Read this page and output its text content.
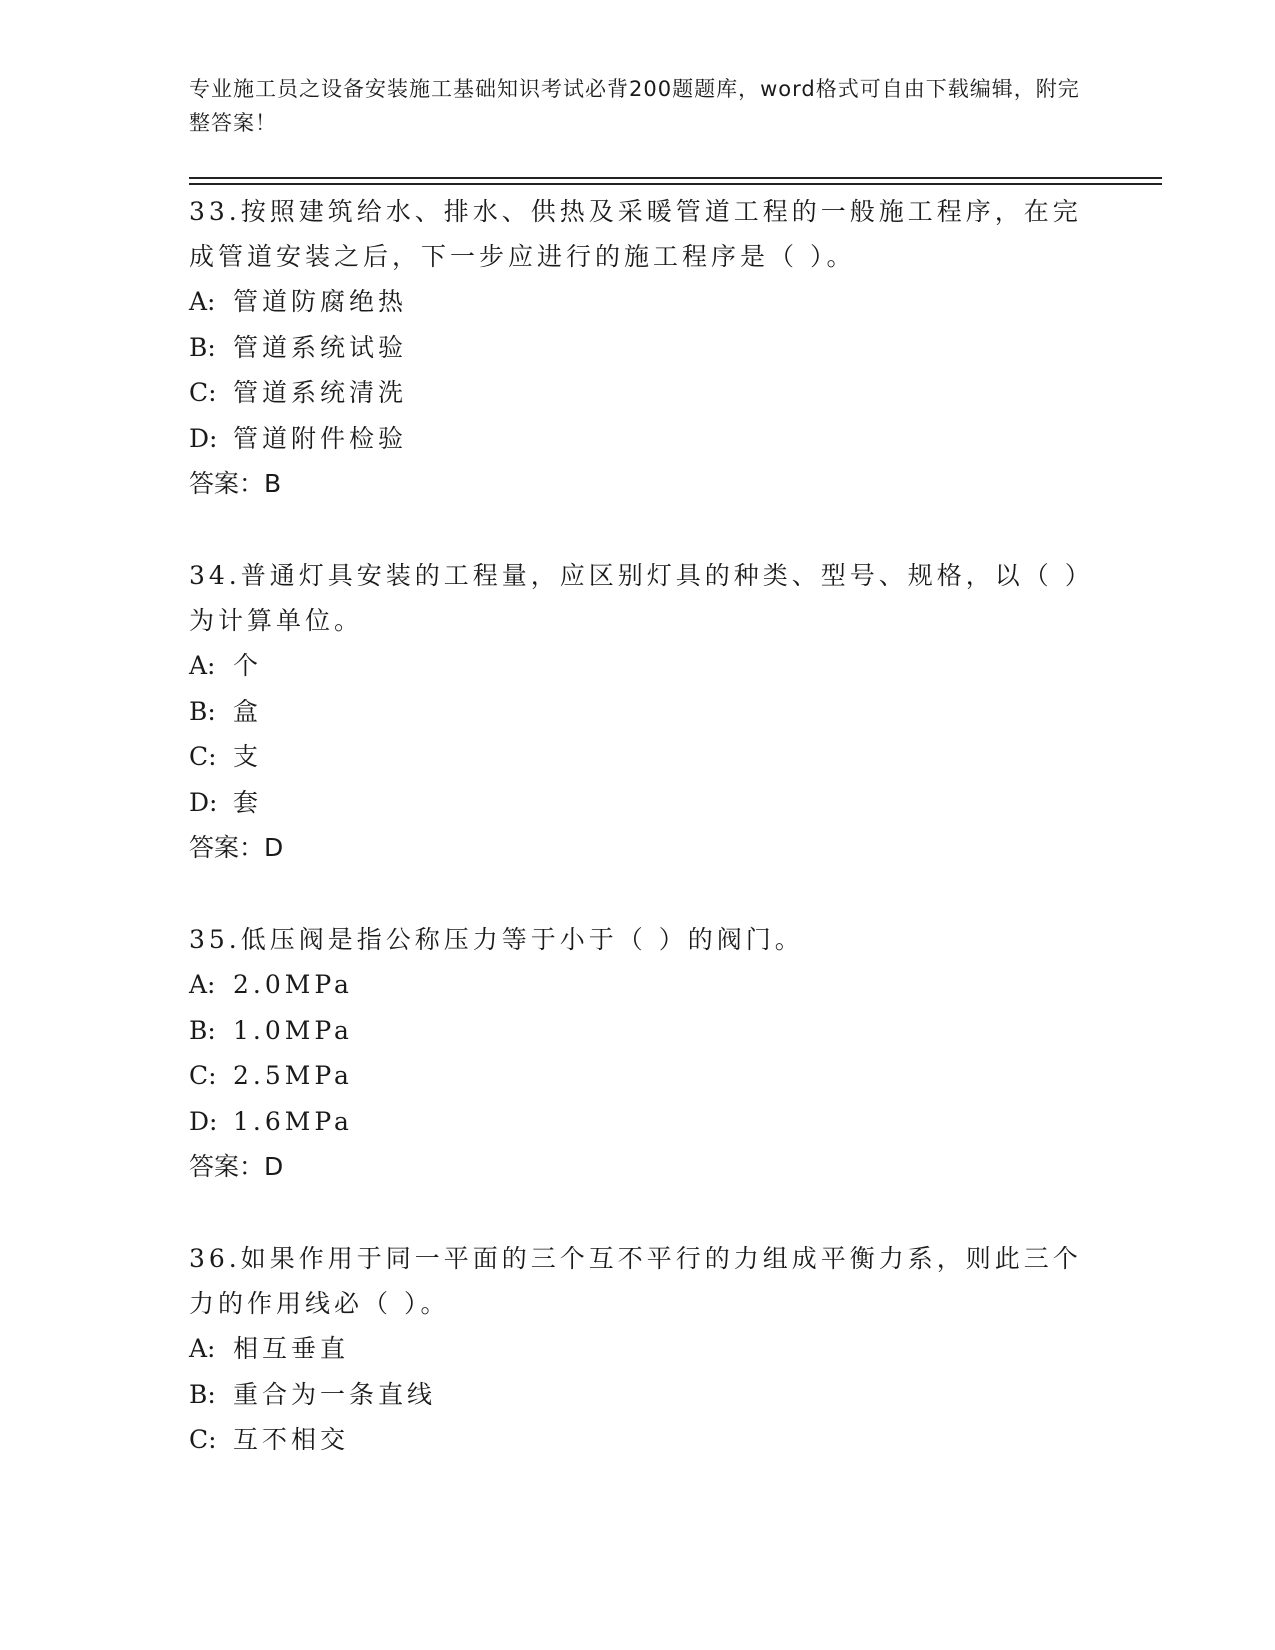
专业施工员之设备安装施工基础知识考试必背200题题库，word格式可自由下载编辑，附完整答案！

33.按照建筑给水、排水、供热及采暖管道工程的一般施工程序，在完成管道安装之后，下一步应进行的施工程序是（ ）。

A: 管道防腐绝热

B: 管道系统试验

C: 管道系统清洗

D: 管道附件检验

答案：B

34.普通灯具安装的工程量，应区别灯具的种类、型号、规格，以（ ）为计算单位。

A: 个

B: 盒

C: 支

D: 套

答案：D

35.低压阀是指公称压力等于小于（ ）的阀门。

A: 2.0MPa

B: 1.0MPa

C: 2.5MPa

D: 1.6MPa

答案：D

36.如果作用于同一平面的三个互不平行的力组成平衡力系，则此三个力的作用线必（ ）。

A: 相互垂直

B: 重合为一条直线

C: 互不相交
